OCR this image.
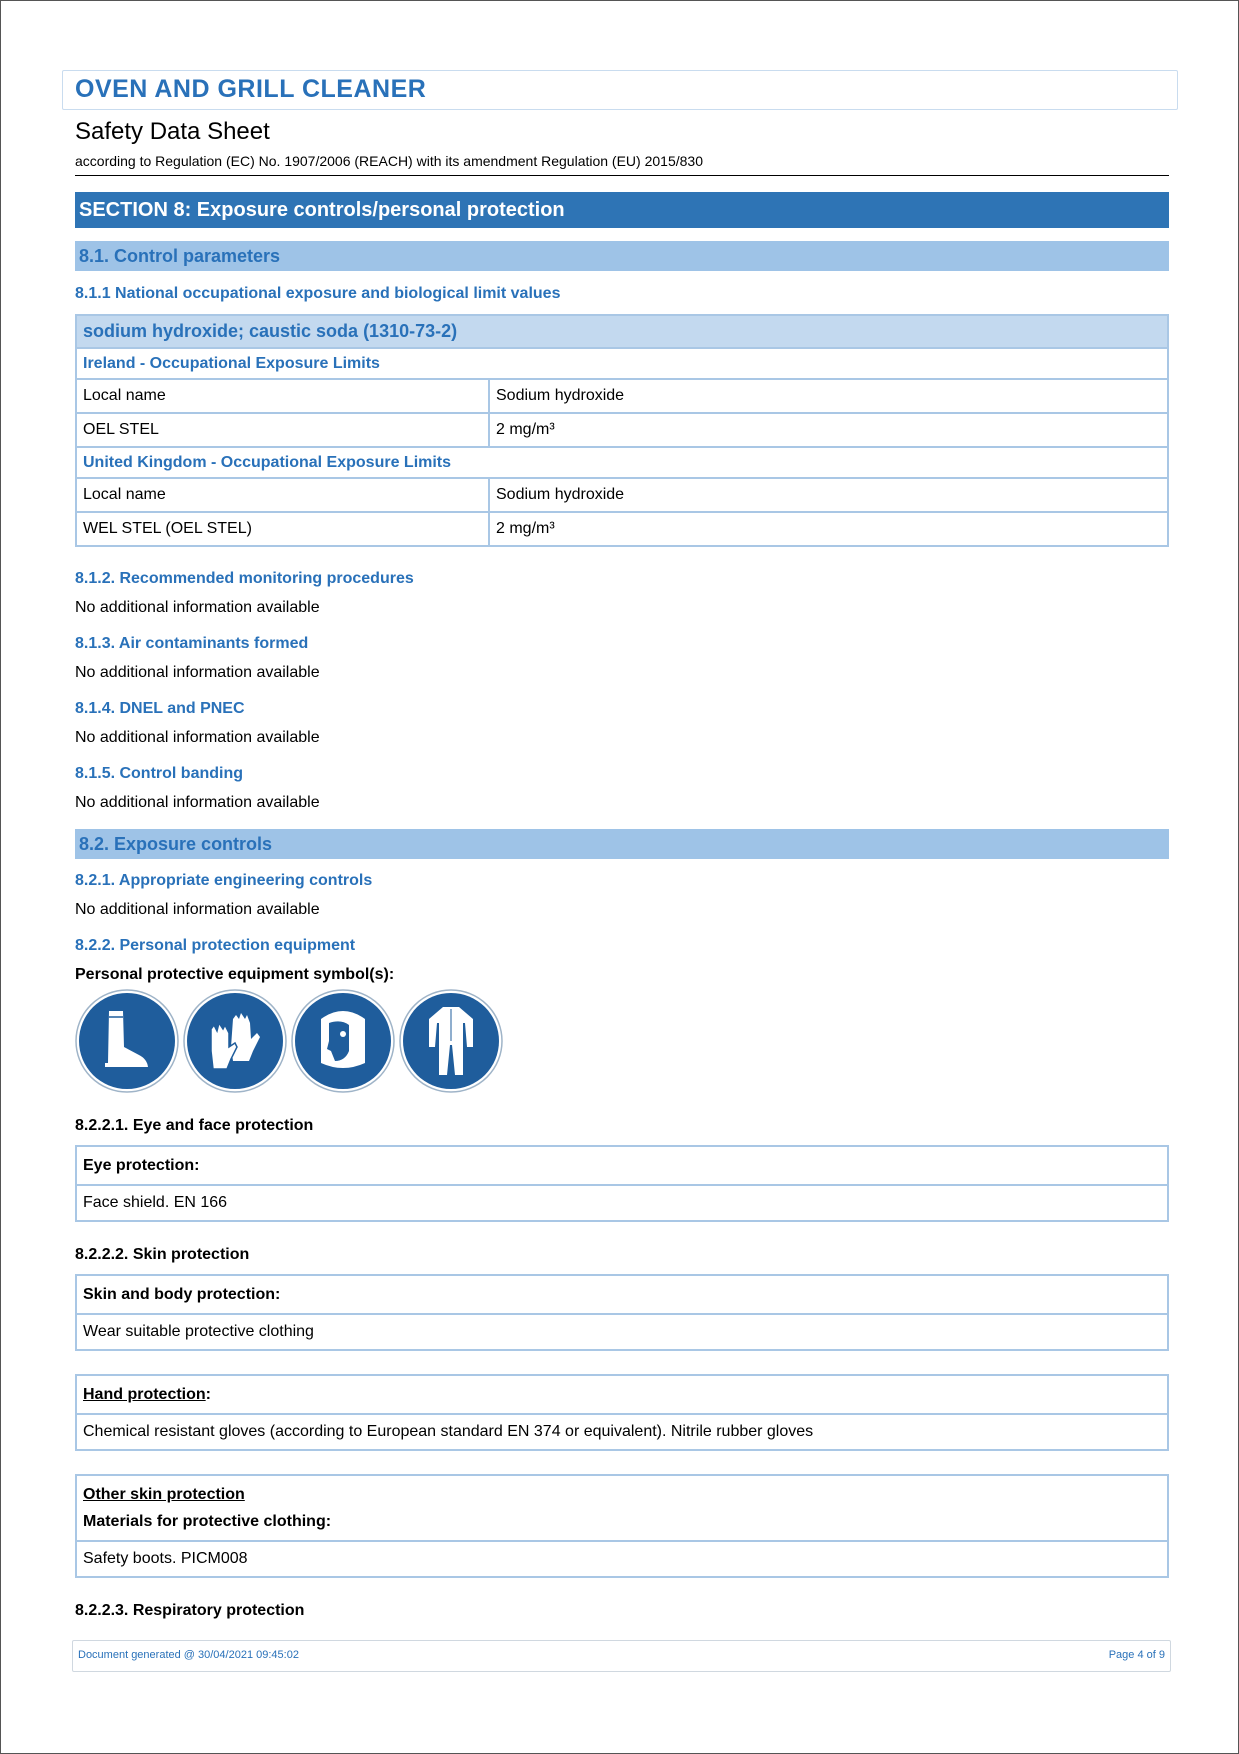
OVEN AND GRILL CLEANER
Safety Data Sheet
according to Regulation (EC) No. 1907/2006 (REACH) with its amendment Regulation (EU) 2015/830
SECTION 8: Exposure controls/personal protection
8.1. Control parameters
8.1.1 National occupational exposure and biological limit values
sodium hydroxide; caustic soda (1310-73-2)	
Ireland - Occupational Exposure Limits	
Local name	Sodium hydroxide
OEL STEL	2 mg/m³
United Kingdom - Occupational Exposure Limits	
Local name	Sodium hydroxide
WEL STEL (OEL STEL)	2 mg/m³
8.1.2. Recommended monitoring procedures
No additional information available
8.1.3. Air contaminants formed
No additional information available
8.1.4. DNEL and PNEC
No additional information available
8.1.5. Control banding
No additional information available
8.2. Exposure controls
8.2.1. Appropriate engineering controls
No additional information available
8.2.2. Personal protection equipment
Personal protective equipment symbol(s):
8.2.2.1. Eye and face protection
Eye protection:
Face shield. EN 166
8.2.2.2. Skin protection
Skin and body protection:
Wear suitable protective clothing
Hand protection:
Chemical resistant gloves (according to European standard EN 374 or equivalent). Nitrile rubber gloves
Other skin protection
Materials for protective clothing:

Safety boots. PICM008
8.2.2.3. Respiratory protection
Document generated @ 30/04/2021 09:45:02	Page 4 of 9
